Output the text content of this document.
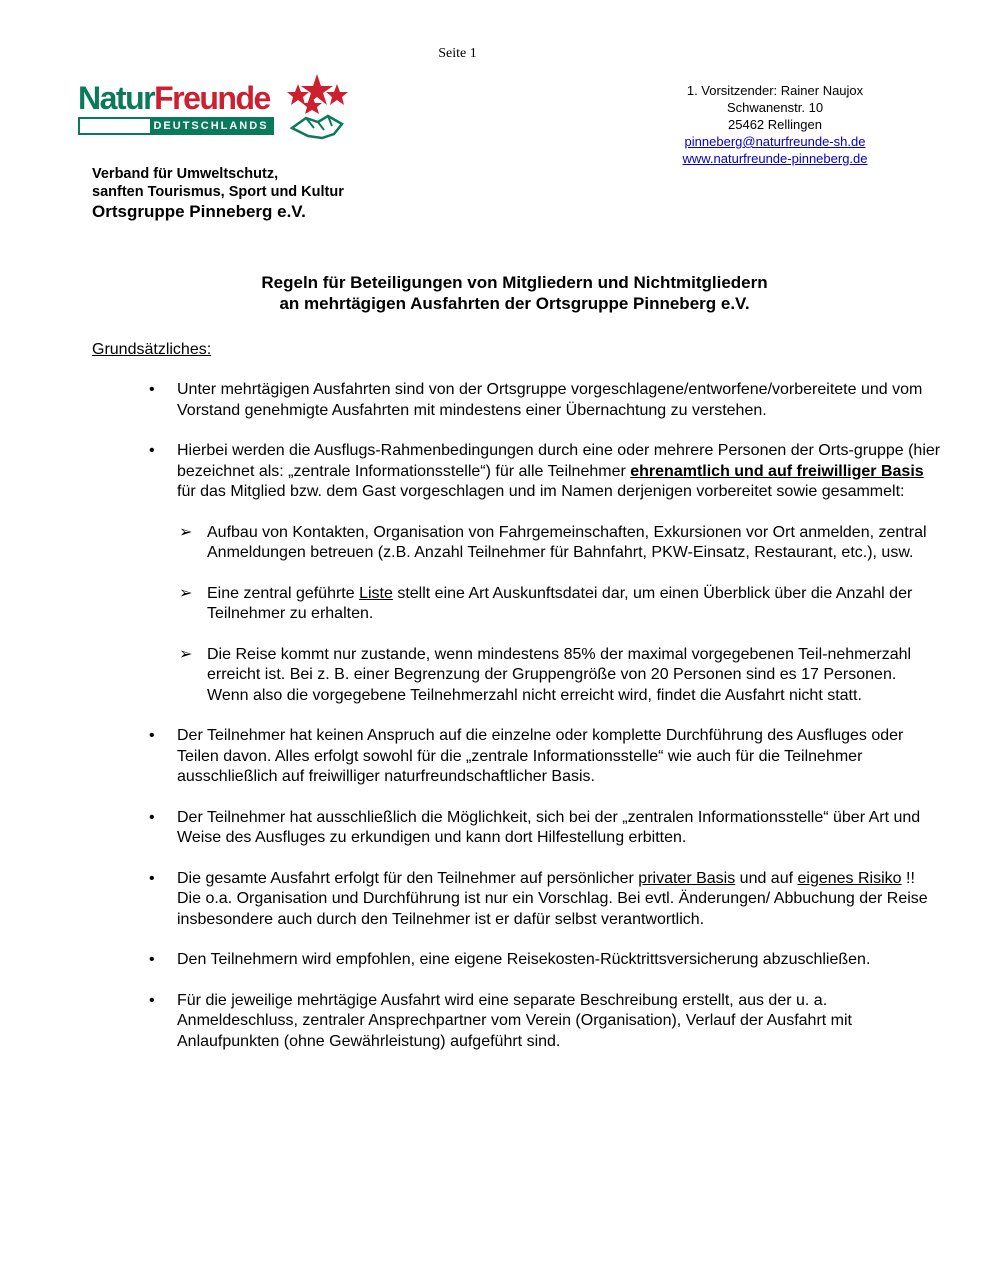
Seite 1
NaturFreunde
DEUTSCHLANDS
1. Vorsitzender: Rainer Naujox
Schwanenstr. 10
25462 Rellingen
pinneberg@naturfreunde-sh.de
www.naturfreunde-pinneberg.de
Verband für Umweltschutz,
sanften Tourismus, Sport und Kultur
Ortsgruppe Pinneberg e.V.
Regeln für Beteiligungen von Mitgliedern und Nichtmitgliedern
an mehrtägigen Ausfahrten der Ortsgruppe Pinneberg e.V.
Grundsätzliches:
• Unter mehrtägigen Ausfahrten sind von der Ortsgruppe vorgeschlagene/entworfene/vorbereitete und vom Vorstand genehmigte Ausfahrten mit mindestens einer Übernachtung zu verstehen.
• Hierbei werden die Ausflugs-Rahmenbedingungen durch eine oder mehrere Personen der Orts-gruppe (hier bezeichnet als: „zentrale Informationsstelle“) für alle Teilnehmer ehrenamtlich und auf freiwilliger Basis für das Mitglied bzw. dem Gast vorgeschlagen und im Namen derjenigen vorbereitet sowie gesammelt:
➢ Aufbau von Kontakten, Organisation von Fahrgemeinschaften, Exkursionen vor Ort anmelden, zentral Anmeldungen betreuen (z.B. Anzahl Teilnehmer für Bahnfahrt, PKW-Einsatz, Restaurant, etc.), usw.
➢ Eine zentral geführte Liste stellt eine Art Auskunftsdatei dar, um einen Überblick über die Anzahl der Teilnehmer zu erhalten.
➢ Die Reise kommt nur zustande, wenn mindestens 85% der maximal vorgegebenen Teil-nehmerzahl erreicht ist. Bei z. B. einer Begrenzung der Gruppengröße von 20 Personen sind es 17 Personen.
Wenn also die vorgegebene Teilnehmerzahl nicht erreicht wird, findet die Ausfahrt nicht statt.
• Der Teilnehmer hat keinen Anspruch auf die einzelne oder komplette Durchführung des Ausfluges oder Teilen davon. Alles erfolgt sowohl für die „zentrale Informationsstelle“ wie auch für die Teilnehmer ausschließlich auf freiwilliger naturfreundschaftlicher Basis.
• Der Teilnehmer hat ausschließlich die Möglichkeit, sich bei der „zentralen Informationsstelle“ über Art und Weise des Ausfluges zu erkundigen und kann dort Hilfestellung erbitten.
• Die gesamte Ausfahrt erfolgt für den Teilnehmer auf persönlicher privater Basis und auf eigenes Risiko !! Die o.a. Organisation und Durchführung ist nur ein Vorschlag. Bei evtl. Änderungen/ Abbuchung der Reise insbesondere auch durch den Teilnehmer ist er dafür selbst verantwortlich.
• Den Teilnehmern wird empfohlen, eine eigene Reisekosten-Rücktrittsversicherung abzuschließen.
• Für die jeweilige mehrtägige Ausfahrt wird eine separate Beschreibung erstellt, aus der u. a. Anmeldeschluss, zentraler Ansprechpartner vom Verein (Organisation), Verlauf der Ausfahrt mit Anlaufpunkten (ohne Gewährleistung) aufgeführt sind.
